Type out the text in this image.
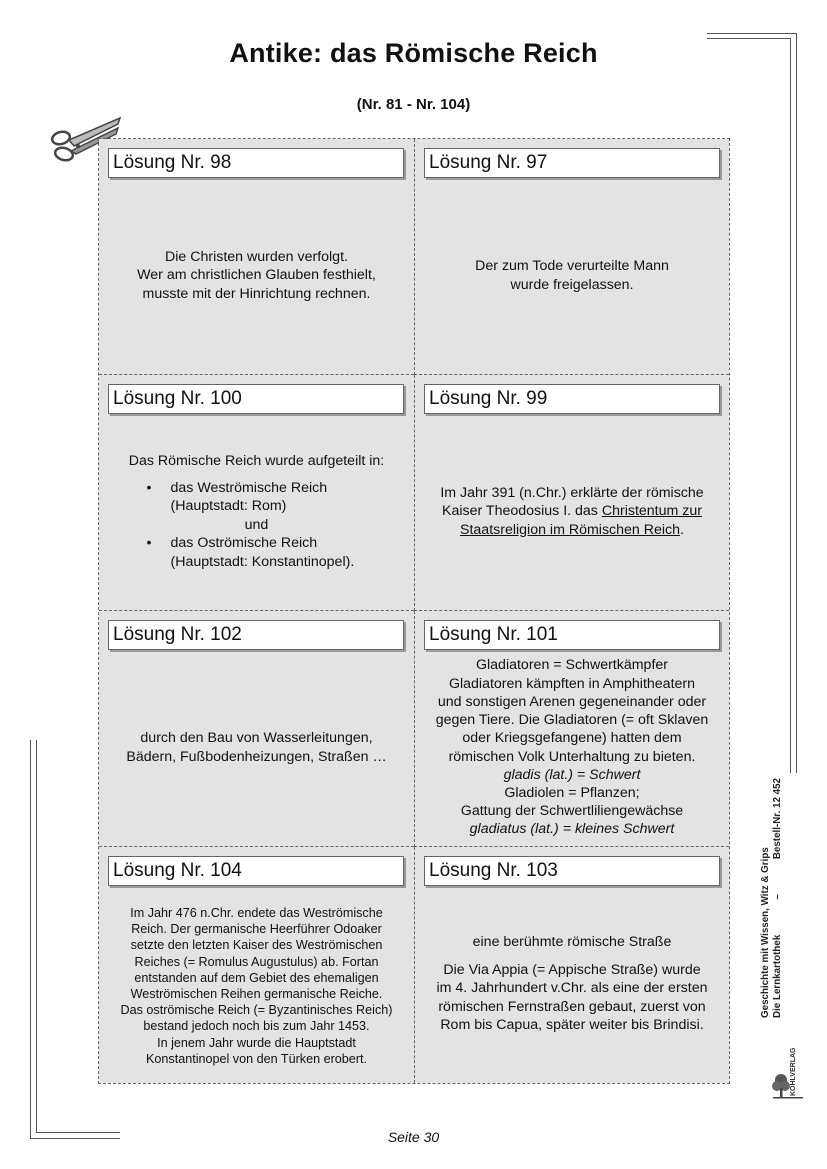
Antike: das Römische Reich
(Nr. 81 - Nr. 104)
Lösung Nr. 98

Die Christen wurden verfolgt.

Wer am christlichen Glauben festhielt,

musste mit der Hinrichtung rechnen.

Lösung Nr. 97

Der zum Tode verurteilte Mann

wurde freigelassen.

Lösung Nr. 100

Das Römische Reich wurde aufgeteilt in:

•	das Weströmische Reich

(Hauptstadt: Rom)

und

•	das Oströmische Reich

(Hauptstadt: Konstantinopel).

Lösung Nr. 99

Im Jahr 391 (n.Chr.) erklärte der römische

Kaiser Theodosius I. das Christentum zur

Staatsreligion im Römischen Reich.

Lösung Nr. 102

durch den Bau von Wasserleitungen,

Bädern, Fußbodenheizungen, Straßen …

Lösung Nr. 101

Gladiatoren = Schwertkämpfer

Gladiatoren kämpften in Amphitheatern

und sonstigen Arenen gegeneinander oder

gegen Tiere. Die Gladiatoren (= oft Sklaven

oder Kriegsgefangene) hatten dem

römischen Volk Unterhaltung zu bieten.

gladis (lat.) = Schwert

Gladiolen = Pflanzen;

Gattung der Schwertliliengewächse

gladiatus (lat.) = kleines Schwert

Lösung Nr. 104

Im Jahr 476 n.Chr. endete das Weströmische

Reich. Der germanische Heerführer Odoaker

setzte den letzten Kaiser des Weströmischen

Reiches (= Romulus Augustulus) ab. Fortan

entstanden auf dem Gebiet des ehemaligen

Weströmischen Reihen germanische Reiche.

Das oströmische Reich (= Byzantinisches Reich)

bestand jedoch noch bis zum Jahr 1453.

In jenem Jahr wurde die Hauptstadt

Konstantinopel von den Türken erobert.

Lösung Nr. 103

eine berühmte römische Straße

Die Via Appia (= Appische Straße) wurde

im 4. Jahrhundert v.Chr. als eine der ersten

römischen Fernstraßen gebaut, zuerst von

Rom bis Capua, später weiter bis Brindisi.

Geschichte mit Wissen, Witz & Grips Die Lernkartothek
–
Bestell-Nr. 12 452
KOHLVERLAG
Seite 30
